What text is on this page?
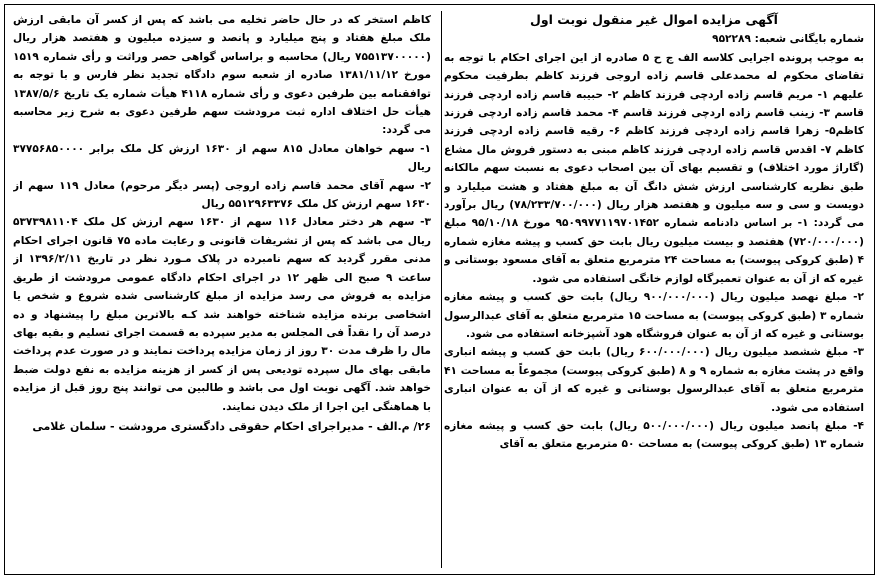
آگهی مزایده اموال غیر منقول نوبت اول

شماره بایگانی شعبه: ۹۵۲۲۸۹

به موجب پرونده اجرایی کلاسه الف ج ح ۵ صادره از این اجرای احکام با توجه به تقاضای محکوم له محمدعلی قاسم زاده اروجی فرزند کاظم بطرفیت محکوم علیهم ۱- مریم قاسم زاده اردچی فرزند کاظم ۲- حبیبه قاسم زاده اردچی فرزند قاسم ۳- زینب قاسم زاده اردچی فرزند قاسم ۴- محمد قاسم زاده اردچی فرزند کاظم۵- زهرا قاسم زاده اردچی فرزند کاظم ۶- رقیه قاسم زاده اردچی فرزند کاظم ۷- اقدس قاسم زاده اردچی فرزند کاظم مبنی به دستور فروش مال مشاع (گاراژ مورد اختلاف) و تقسیم بهای آن بین اصحاب دعوی به نسبت سهم مالکانه طبق نظریه کارشناسی ارزش شش دانگ آن به مبلغ هفتاد و هشت میلیارد و دویست و سی و سه میلیون و هفتصد هزار ریال (۷۸/۲۳۳/۷۰۰/۰۰۰) ریال برآورد می گردد: ۱- بر اساس دادنامه شماره ۹۵۰۹۹۷۷۱۱۹۷۰۱۴۵۲ مورخ ۹۵/۱۰/۱۸ مبلغ (۷۲۰/۰۰۰/۰۰۰) هفتصد و بیست میلیون ریال بابت حق کسب و پیشه مغازه شماره ۴ (طبق کروکی پیوست) به مساحت ۲۴ مترمربع متعلق به آقای مسعود بوستانی و غیره که از آن به عنوان تعمیرگاه لوازم خانگی استفاده می شود.

۲- مبلغ نهصد میلیون ریال (۹۰۰/۰۰۰/۰۰۰ ریال) بابت حق کسب و پیشه مغازه شماره ۳ (طبق کروکی پیوست) به مساحت ۱۵ مترمربع متعلق به آقای عبدالرسول بوستانی و غیره که از آن به عنوان فروشگاه هود آشپزخانه استفاده می شود.

۳- مبلغ ششصد میلیون ریال (۶۰۰/۰۰۰/۰۰۰ ریال) بابت حق کسب و پیشه انباری واقع در پشت مغازه به شماره ۹ و ۸ (طبق کروکی پیوست) مجموعاً به مساحت ۴۱ مترمربع متعلق به آقای عبدالرسول بوستانی و غیره که از آن به عنوان انباری استفاده می شود.

۴- مبلغ پانصد میلیون ریال (۵۰۰/۰۰۰/۰۰۰ ریال) بابت حق کسب و پیشه مغازه شماره ۱۳ (طبق کروکی پیوست) به مساحت ۵۰ مترمربع متعلق به آقای

کاظم استخر که در حال حاضر تخلیه می باشد که پس از کسر آن مابقی ارزش ملک مبلغ هفتاد و پنج میلیارد و پانصد و سیزده میلیون و هفتصد هزار ریال (۷۵۵۱۳۷۰۰۰۰۰ ریال) محاسبه و براساس گواهی حصر وراثت و رأی شماره ۱۵۱۹ مورخ ۱۳۸۱/۱۱/۱۲ صادره از شعبه سوم دادگاه تجدید نظر فارس و با توجه به توافقنامه بین طرفین دعوی و رأی شماره ۴۱۱۸ هیأت شماره یک تاریخ ۱۳۸۷/۵/۶ هیأت حل اختلاف اداره ثبت مرودشت سهم طرفین دعوی به شرح زیر محاسبه می گردد:

۱- سهم خواهان معادل ۸۱۵ سهم از ۱۶۳۰ ارزش کل ملک برابر ۳۷۷۵۶۸۵۰۰۰۰ ریال

۲- سهم آقای محمد قاسم زاده اروجی (پسر دیگر مرحوم) معادل ۱۱۹ سهم از ۱۶۳۰ سهم ارزش کل ملک ۵۵۱۲۹۶۳۳۷۶ ریال

۳- سهم هر دختر معادل ۱۱۶ سهم از ۱۶۳۰ سهم ارزش کل ملک ۵۳۷۳۹۸۱۱۰۴ ریال می باشد که پس از تشریفات قانونی و رعایت ماده ۷۵ قانون اجرای احکام مدنی مقرر گردید که سهم نامبرده در پلاک مـورد نظر در تاریخ ۱۳۹۶/۲/۱۱ از ساعت ۹ صبح الی ظهر ۱۲ در اجرای احکام دادگاه عمومی مرودشت از طریق مزایده به فروش می رسد مزایده از مبلغ کارشناسی شده شروع و شخص یا اشخاصی برنده مزایده شناخته خواهند شد کـه بالاترین مبلغ را پیشنهاد و ده درصد آن را نقداً فی المجلس به مدیر سپرده به قسمت اجرای تسلیم و بقیه بهای مال را ظرف مدت ۳۰ روز از زمان مزایده پرداخت نمایند و در صورت عدم پرداخت مابقی بهای مال سپرده تودیعی پس از کسر از هزینه مزایده به نفع دولت ضبط خواهد شد. آگهی نوبت اول می باشد و طالبین می توانند پنج روز قبل از مزایده با هماهنگی این اجرا از ملک دیدن نمایند.

۲۶/ م.الف - مدیراجرای احکام حقوقی دادگستری مرودشت - سلمان غلامی
